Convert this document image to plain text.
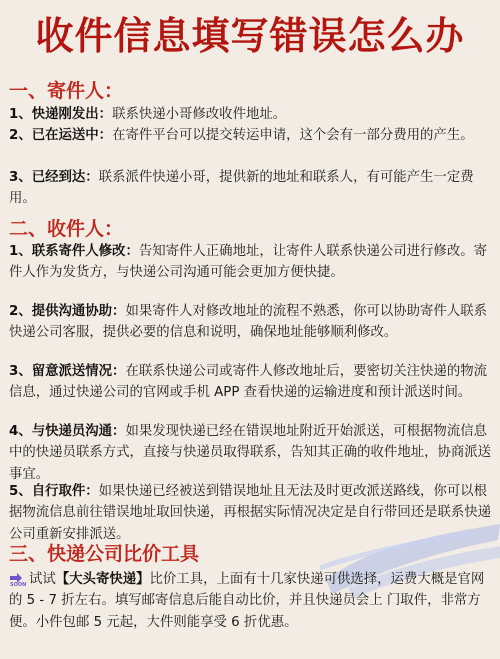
收件信息填写错误怎么办
一、寄件人：
1、快递刚发出：联系快递小哥修改收件地址。
2、已在运送中：在寄件平台可以提交转运申请，这个会有一部分费用的产生。
3、已经到达：联系派件快递小哥，提供新的地址和联系人，有可能产生一定费用。
二、收件人：
1、联系寄件人修改：告知寄件人正确地址，让寄件人联系快递公司进行修改。寄件人作为发货方，与快递公司沟通可能会更加方便快捷。
2、提供沟通协助：如果寄件人对修改地址的流程不熟悉，你可以协助寄件人联系快递公司客服，提供必要的信息和说明，确保地址能够顺利修改。
3、留意派送情况：在联系快递公司或寄件人修改地址后，要密切关注快递的物流信息，通过快递公司的官网或手机 APP 查看快递的运输进度和预计派送时间。
4、与快递员沟通：如果发现快递已经在错误地址附近开始派送，可根据物流信息中的快递员联系方式，直接与快递员取得联系，告知其正确的收件地址，协商派送事宜。
5、自行取件：如果快递已经被送到错误地址且无法及时更改派送路线，你可以根据物流信息前往错误地址取回快递，再根据实际情况决定是自行带回还是联系快递公司重新安排派送。
三、快递公司比价工具
试试【大头寄快递】比价工具，上面有十几家快递可供选择，运费大概是官网的 5 - 7 折左右。填写邮寄信息后能自动比价，并且快递员会上 门取件，非常方便。小件包邮 5 元起，大件则能享受 6 折优惠。
SOON
